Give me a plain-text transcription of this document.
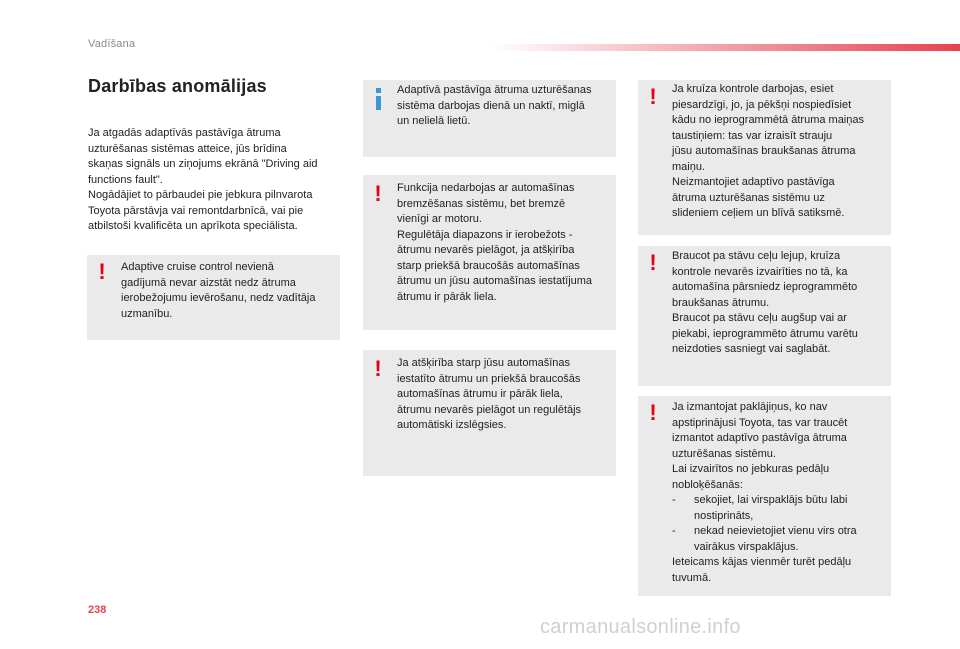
Vadīšana
Darbības anomālijas

Ja atgadās adaptīvās pastāvīga ātruma
uzturēšanas sistēmas atteice, jūs brīdina
skaņas signāls un ziņojums ekrānā "Driving aid
functions fault".
Nogādājiet to pārbaudei pie jebkura pilnvarota
Toyota pārstāvja vai remontdarbnīcā, vai pie
atbilstoši kvalificēta un aprīkota speciālista.

! Adaptive cruise control nevienā
gadījumā nevar aizstāt nedz ātruma
ierobežojumu ievērošanu, nedz vadītāja
uzmanību.
Adaptīvā pastāvīga ātruma uzturēšanas
sistēma darbojas dienā un naktī, miglā
un nelielā lietū.
! Funkcija nedarbojas ar automašīnas
bremzēšanas sistēmu, bet bremzē
vienīgi ar motoru.
Regulētāja diapazons ir ierobežots -
ātrumu nevarēs pielāgot, ja atšķirība
starp priekšā braucošās automašīnas
ātrumu un jūsu automašīnas iestatījuma
ātrumu ir pārāk liela.
! Ja atšķirība starp jūsu automašīnas
iestatīto ātrumu un priekšā braucošās
automašīnas ātrumu ir pārāk liela,
ātrumu nevarēs pielāgot un regulētājs
automātiski izslēgsies.
! Ja kruīza kontrole darbojas, esiet
piesardzīgi, jo, ja pēkšņi nospiedīsiet
kādu no ieprogrammētā ātruma maiņas
taustiņiem: tas var izraisīt strauju
jūsu automašīnas braukšanas ātruma
maiņu.
Neizmantojiet adaptīvo pastāvīga
ātruma uzturēšanas sistēmu uz
slideniem ceļiem un blīvā satiksmē.
! Braucot pa stāvu ceļu lejup, kruīza
kontrole nevarēs izvairīties no tā, ka
automašīna pārsniedz ieprogrammēto
braukšanas ātrumu.
Braucot pa stāvu ceļu augšup vai ar
piekabi, ieprogrammēto ātrumu varētu
neizdoties sasniegt vai saglabāt.
! Ja izmantojat paklājiņus, ko nav
apstiprinājusi Toyota, tas var traucēt
izmantot adaptīvo pastāvīga ātruma
uzturēšanas sistēmu.
Lai izvairītos no jebkuras pedāļu
nobloķēšanās:
- sekojiet, lai virspaklājs būtu labi
nostiprināts,
- nekad neievietojiet vienu virs otra
vairākus virspaklājus.
Ieteicams kājas vienmēr turēt pedāļu
tuvumā.
238
carmanualsonline.info
